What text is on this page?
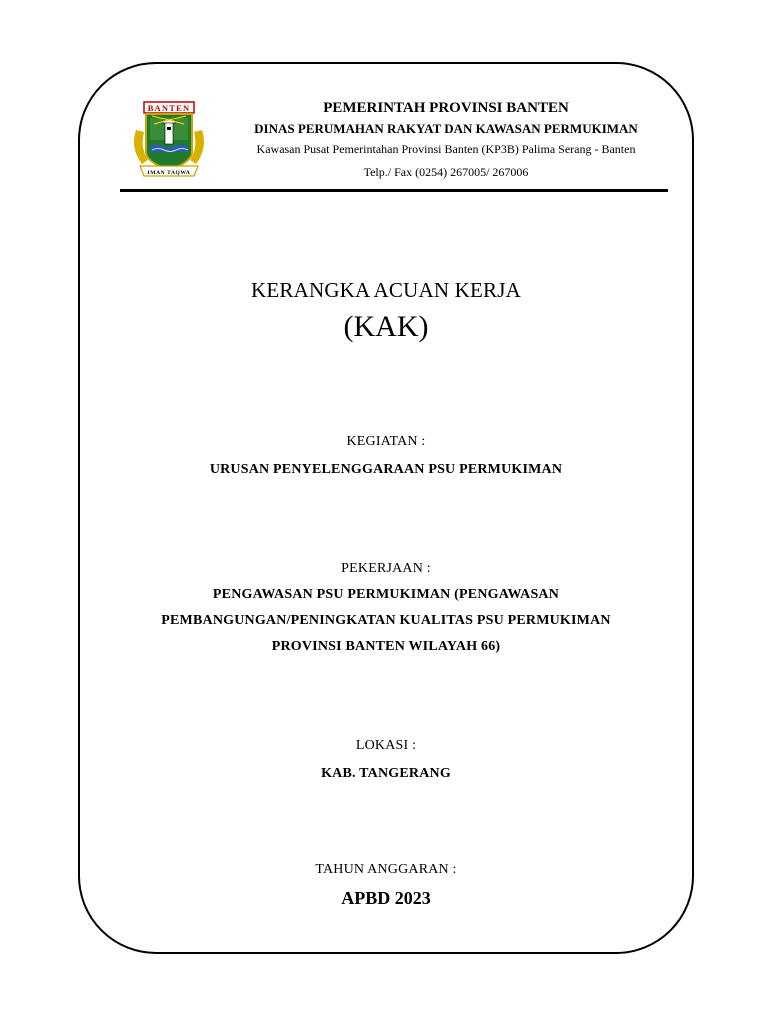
BANTEN
IMAN TAQWA
PEMERINTAH PROVINSI BANTEN
DINAS PERUMAHAN RAKYAT DAN KAWASAN PERMUKIMAN
Kawasan Pusat Pemerintahan Provinsi Banten (KP3B) Palima Serang - Banten
Telp./ Fax (0254) 267005/ 267006
KERANGKA ACUAN KERJA
(KAK)
KEGIATAN :
URUSAN PENYELENGGARAAN PSU PERMUKIMAN
PEKERJAAN :
PENGAWASAN PSU PERMUKIMAN (PENGAWASAN
PEMBANGUNGAN/PENINGKATAN KUALITAS PSU PERMUKIMAN
PROVINSI BANTEN WILAYAH 66)
LOKASI :
KAB. TANGERANG
TAHUN ANGGARAN :
APBD 2023
